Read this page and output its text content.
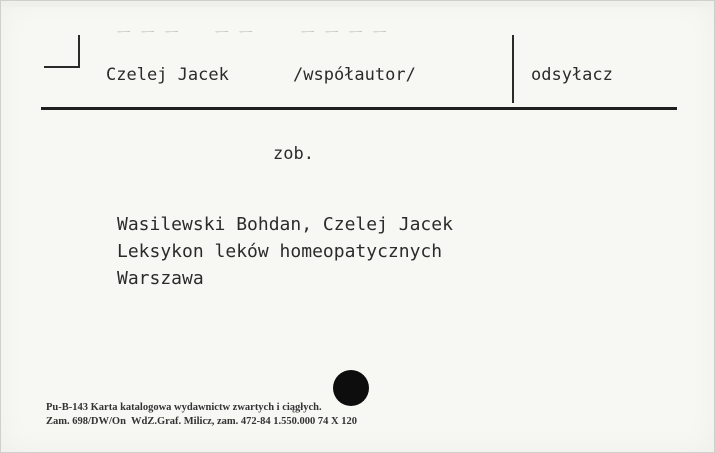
ㅡ ㅡ ㅡ	ㅡ ㅡ	ㅡ ㅡ ㅡ ㅡ
Czelej Jacek	/współautor/	odsyłacz
zob.
Wasilewski Bohdan, Czelej Jacek
Leksykon leków homeopatycznych
Warszawa
Pu-B-143 Karta katalogowa wydawnictw zwartych i ciągłych.
Zam. 698/DW/On  WdZ.Graf. Milicz, zam. 472-84 1.550.000 74 X 120
